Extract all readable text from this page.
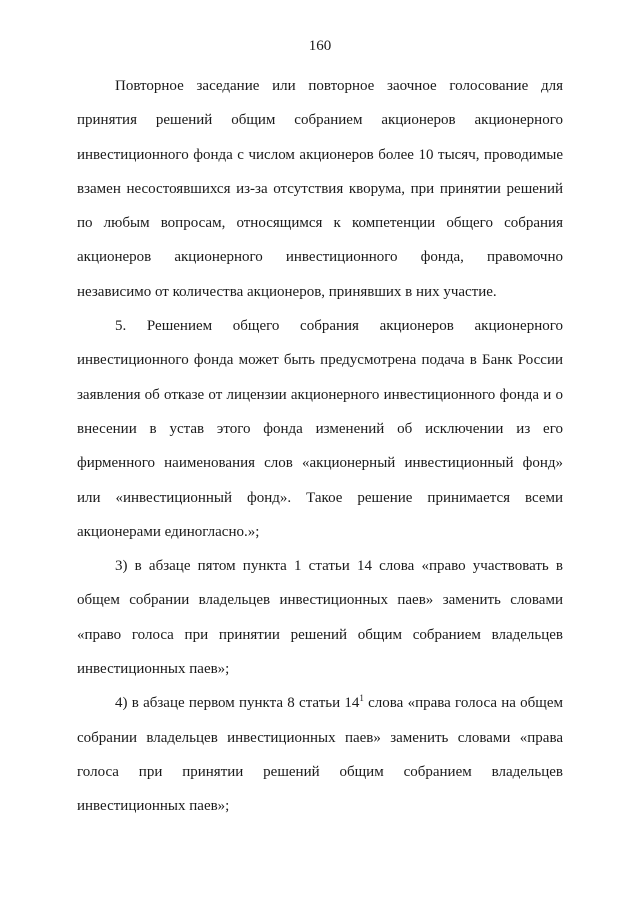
160

Повторное заседание или повторное заочное голосование для принятия решений общим собранием акционеров акционерного инвестиционного фонда с числом акционеров более 10 тысяч, проводимые взамен несостоявшихся из-за отсутствия кворума, при принятии решений по любым вопросам, относящимся к компетенции общего собрания акционеров акционерного инвестиционного фонда, правомочно независимо от количества акционеров, принявших в них участие.

5. Решением общего собрания акционеров акционерного инвестиционного фонда может быть предусмотрена подача в Банк России заявления об отказе от лицензии акционерного инвестиционного фонда и о внесении в устав этого фонда изменений об исключении из его фирменного наименования слов «акционерный инвестиционный фонд» или «инвестиционный фонд». Такое решение принимается всеми акционерами единогласно.»;

3) в абзаце пятом пункта 1 статьи 14 слова «право участвовать в общем собрании владельцев инвестиционных паев» заменить словами «право голоса при принятии решений общим собранием владельцев инвестиционных паев»;

4) в абзаце первом пункта 8 статьи $14^1$ слова «права голоса на общем собрании владельцев инвестиционных паев» заменить словами «права голоса при принятии решений общим собранием владельцев инвестиционных паев»;
